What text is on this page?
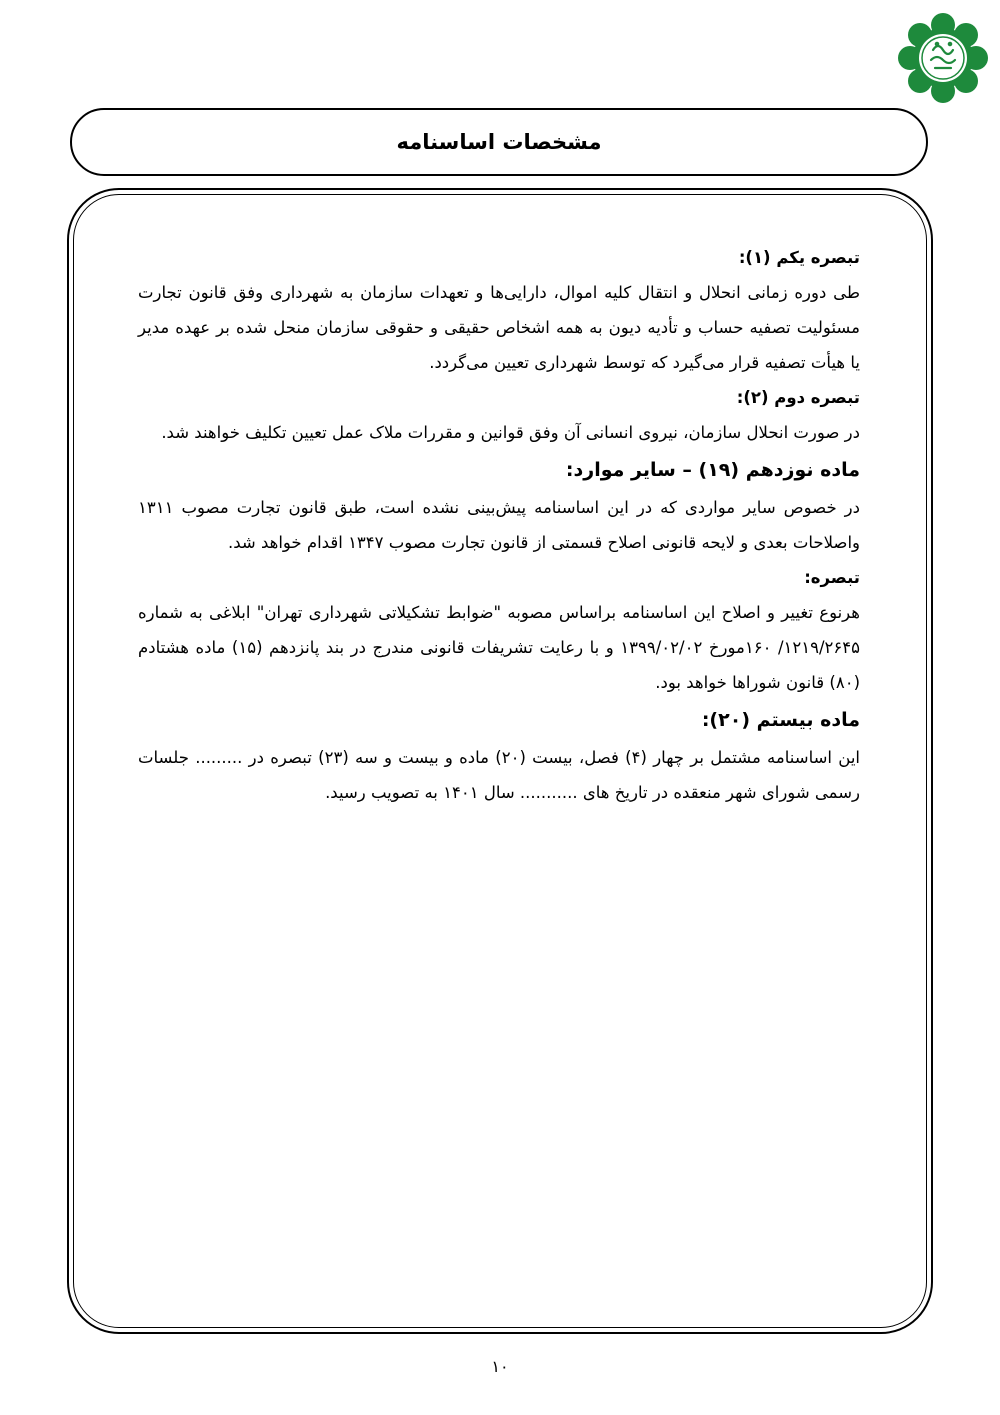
مشخصات اساسنامه

تبصره یکم (۱):

طی دوره زمانی انحلال و انتقال کلیه اموال، دارایی‌ها و تعهدات سازمان به شهرداری وفق قانون تجارت مسئولیت تصفیه حساب و تأدیه دیون به همه اشخاص حقیقی و حقوقی سازمان منحل شده بر عهده مدیر یا هیأت تصفیه قرار می‌گیرد که توسط شهرداری تعیین می‌گردد.

تبصره دوم (۲):

در صورت انحلال سازمان، نیروی انسانی آن وفق قوانین و مقررات ملاک عمل تعیین تکلیف خواهند شد.

ماده نوزدهم (۱۹) – سایر موارد:

در خصوص سایر مواردی که در این اساسنامه پیش‌بینی نشده است، طبق قانون تجارت مصوب ۱۳۱۱ واصلاحات بعدی و لایحه قانونی اصلاح قسمتی از قانون تجارت مصوب ۱۳۴۷ اقدام خواهد شد.

تبصره:

هرنوع تغییر و اصلاح این اساسنامه براساس مصوبه "ضوابط تشکیلاتی شهرداری تهران" ابلاغی به شماره ۱۲۱۹/۲۶۴۵/ ۱۶۰مورخ ۱۳۹۹/۰۲/۰۲ و با رعایت تشریفات قانونی مندرج در بند پانزدهم (۱۵) ماده هشتادم (۸۰) قانون شوراها خواهد بود.

ماده بیستم (۲۰):

این اساسنامه مشتمل بر چهار (۴) فصل، بیست (۲۰) ماده و بیست و سه (۲۳) تبصره در ......... جلسات رسمی شورای شهر منعقده در تاریخ های ........... سال ۱۴۰۱ به تصویب رسید.

۱۰
